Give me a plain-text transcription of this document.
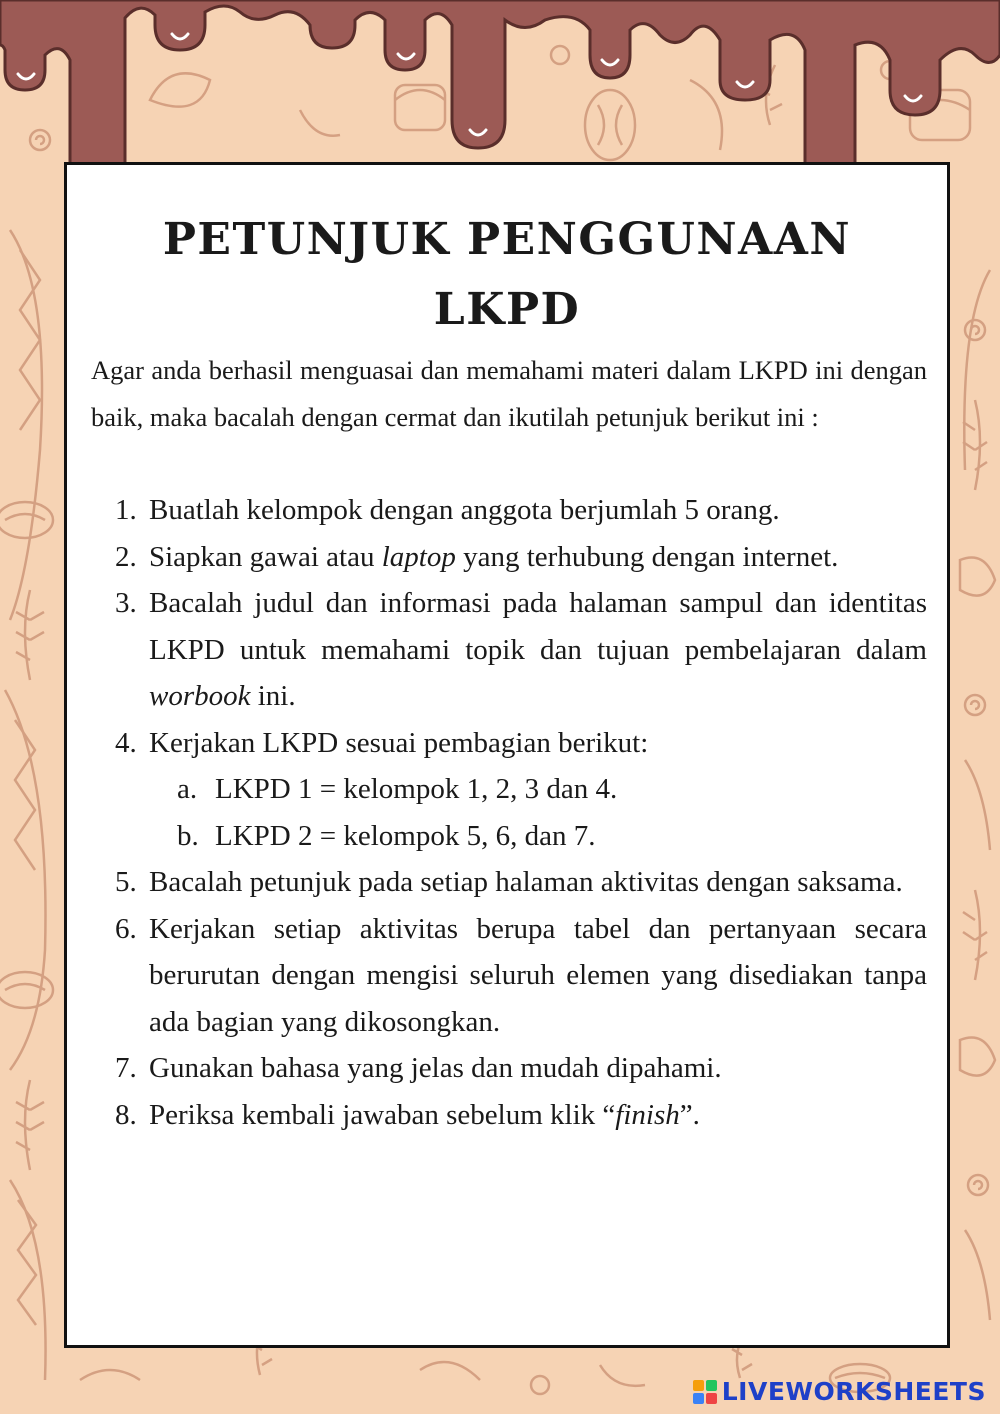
PETUNJUK PENGGUNAAN
LKPD

Agar anda berhasil menguasai dan memahami materi dalam LKPD ini dengan baik, maka bacalah dengan cermat dan ikutilah petunjuk berikut ini :

1. Buatlah kelompok dengan anggota berjumlah 5 orang.
2. Siapkan gawai atau laptop yang terhubung dengan internet.
3. Bacalah judul dan informasi pada halaman sampul dan identitas LKPD untuk memahami topik dan tujuan pembelajaran dalam worbook ini.
4. Kerjakan LKPD sesuai pembagian berikut:
a. LKPD 1 = kelompok 1, 2, 3 dan 4.
b. LKPD 2 = kelompok 5, 6, dan 7.
5. Bacalah petunjuk pada setiap halaman aktivitas dengan saksama.
6. Kerjakan setiap aktivitas berupa tabel dan pertanyaan secara berurutan dengan mengisi seluruh elemen yang disediakan tanpa ada bagian yang dikosongkan.
7. Gunakan bahasa yang jelas dan mudah dipahami.
8. Periksa kembali jawaban sebelum klik “finish”.
LIVEWORKSHEETS
